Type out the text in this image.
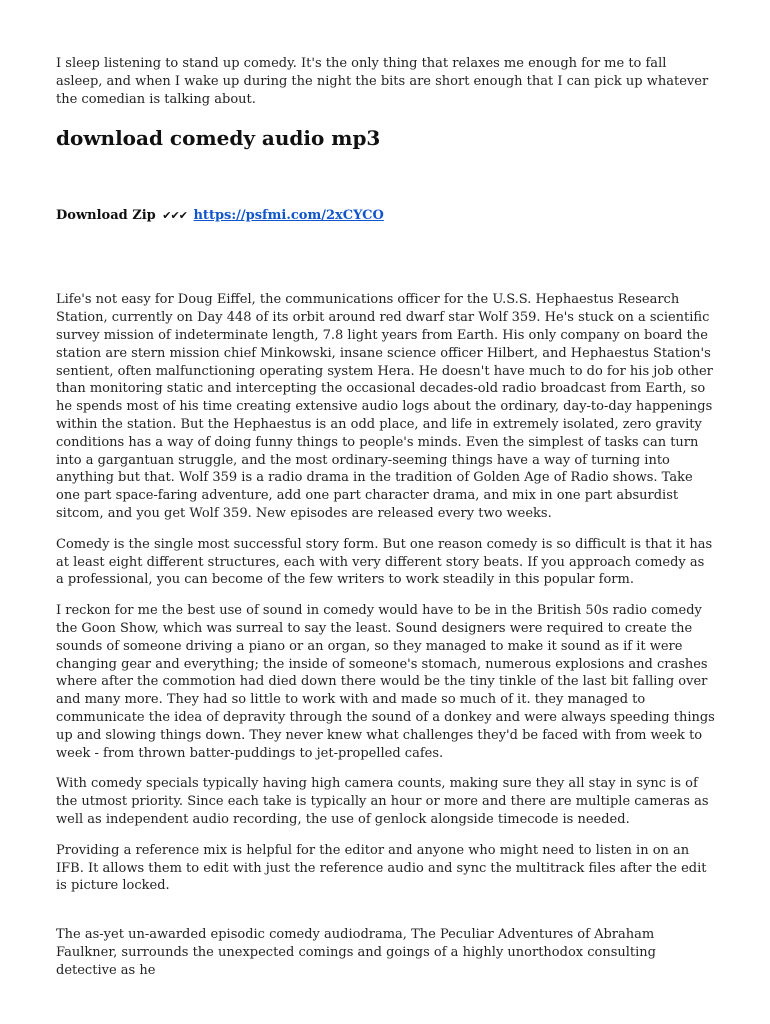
I sleep listening to stand up comedy. It's the only thing that relaxes me enough for me to fall asleep, and when I wake up during the night the bits are short enough that I can pick up whatever the comedian is talking about.

download comedy audio mp3
Download Zip ✔✔✔ https://psfmi.com/2xCYCO

Life's not easy for Doug Eiffel, the communications officer for the U.S.S. Hephaestus Research Station, currently on Day 448 of its orbit around red dwarf star Wolf 359. He's stuck on a scientific survey mission of indeterminate length, 7.8 light years from Earth. His only company on board the station are stern mission chief Minkowski, insane science officer Hilbert, and Hephaestus Station's sentient, often malfunctioning operating system Hera. He doesn't have much to do for his job other than monitoring static and intercepting the occasional decades-old radio broadcast from Earth, so he spends most of his time creating extensive audio logs about the ordinary, day-to-day happenings within the station. But the Hephaestus is an odd place, and life in extremely isolated, zero gravity conditions has a way of doing funny things to people's minds. Even the simplest of tasks can turn into a gargantuan struggle, and the most ordinary-seeming things have a way of turning into anything but that. Wolf 359 is a radio drama in the tradition of Golden Age of Radio shows. Take one part space-faring adventure, add one part character drama, and mix in one part absurdist sitcom, and you get Wolf 359. New episodes are released every two weeks.

Comedy is the single most successful story form. But one reason comedy is so difficult is that it has at least eight different structures, each with very different story beats. If you approach comedy as a professional, you can become of the few writers to work steadily in this popular form.

I reckon for me the best use of sound in comedy would have to be in the British 50s radio comedy the Goon Show, which was surreal to say the least. Sound designers were required to create the sounds of someone driving a piano or an organ, so they managed to make it sound as if it were changing gear and everything; the inside of someone's stomach, numerous explosions and crashes where after the commotion had died down there would be the tiny tinkle of the last bit falling over and many more. They had so little to work with and made so much of it. they managed to communicate the idea of depravity through the sound of a donkey and were always speeding things up and slowing things down. They never knew what challenges they'd be faced with from week to week - from thrown batter-puddings to jet-propelled cafes.

With comedy specials typically having high camera counts, making sure they all stay in sync is of the utmost priority. Since each take is typically an hour or more and there are multiple cameras as well as independent audio recording, the use of genlock alongside timecode is needed.

Providing a reference mix is helpful for the editor and anyone who might need to listen in on an IFB. It allows them to edit with just the reference audio and sync the multitrack files after the edit is picture locked.

The as-yet un-awarded episodic comedy audiodrama, The Peculiar Adventures of Abraham Faulkner, surrounds the unexpected comings and goings of a highly unorthodox consulting detective as he
